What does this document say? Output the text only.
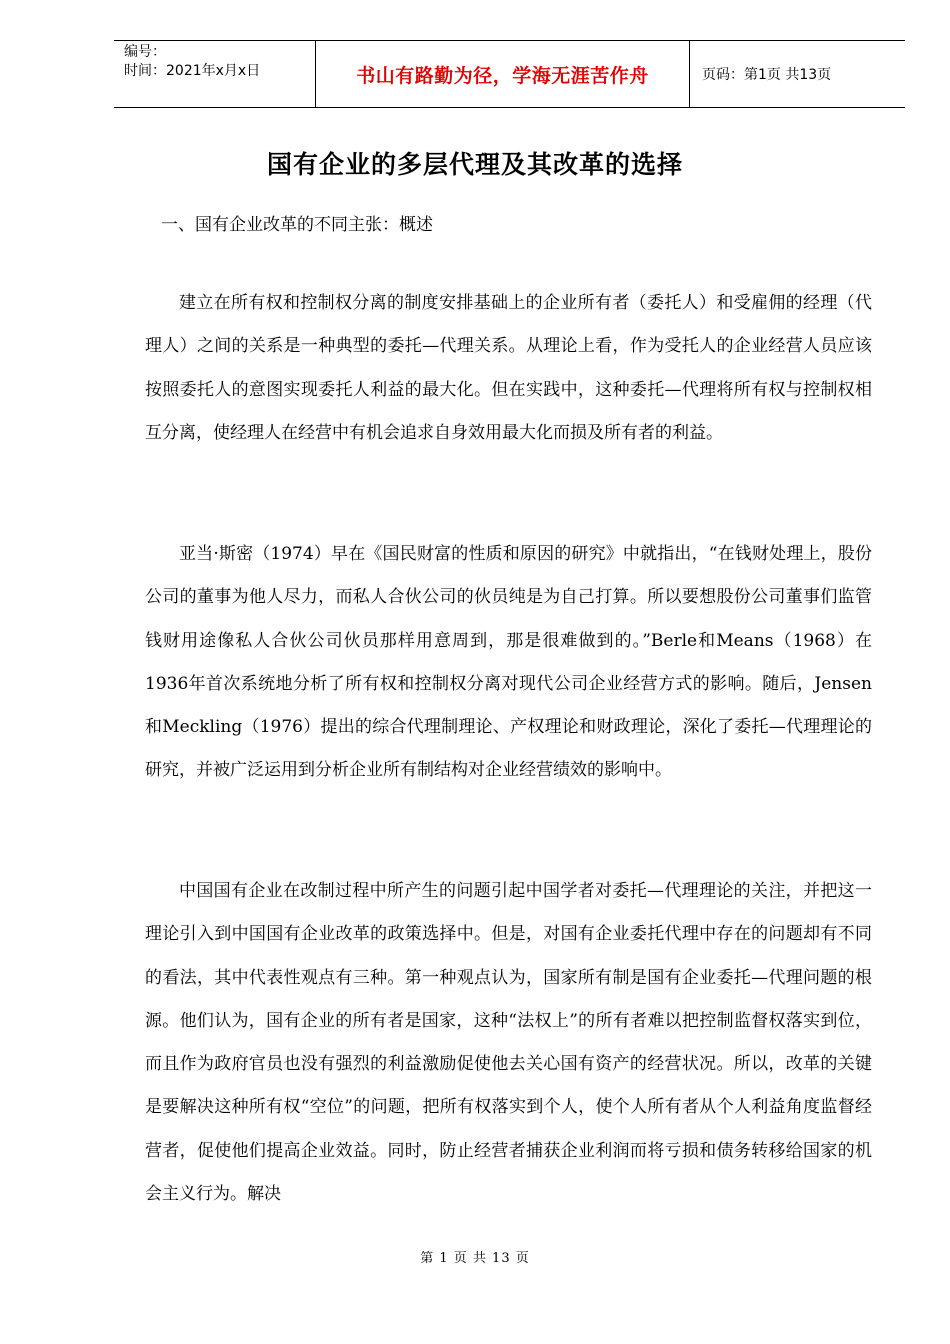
编号：
时间：2021年x月x日	书山有路勤为径，学海无涯苦作舟	页码：第1页 共13页
国有企业的多层代理及其改革的选择
一、国有企业改革的不同主张：概述

建立在所有权和控制权分离的制度安排基础上的企业所有者（委托人）和受雇佣的经理（代理人）之间的关系是一种典型的委托—代理关系。从理论上看，作为受托人的企业经营人员应该按照委托人的意图实现委托人利益的最大化。但在实践中，这种委托—代理将所有权与控制权相互分离，使经理人在经营中有机会追求自身效用最大化而损及所有者的利益。

亚当·斯密（1974）早在《国民财富的性质和原因的研究》中就指出，“在钱财处理上，股份公司的董事为他人尽力，而私人合伙公司的伙员纯是为自己打算。所以要想股份公司董事们监管钱财用途像私人合伙公司伙员那样用意周到，那是很难做到的。”Berle和Means（1968）在1936年首次系统地分析了所有权和控制权分离对现代公司企业经营方式的影响。随后，Jensen和Meckling（1976）提出的综合代理制理论、产权理论和财政理论，深化了委托—代理理论的研究，并被广泛运用到分析企业所有制结构对企业经营绩效的影响中。

中国国有企业在改制过程中所产生的问题引起中国学者对委托—代理理论的关注，并把这一理论引入到中国国有企业改革的政策选择中。但是，对国有企业委托代理中存在的问题却有不同的看法，其中代表性观点有三种。第一种观点认为，国家所有制是国有企业委托—代理问题的根源。他们认为，国有企业的所有者是国家，这种“法权上”的所有者难以把控制监督权落实到位，而且作为政府官员也没有强烈的利益激励促使他去关心国有资产的经营状况。所以，改革的关键是要解决这种所有权“空位”的问题，把所有权落实到个人，使个人所有者从个人利益角度监督经营者，促使他们提高企业效益。同时，防止经营者捕获企业利润而将亏损和债务转移给国家的机会主义行为。解决

第 1 页 共 13 页
